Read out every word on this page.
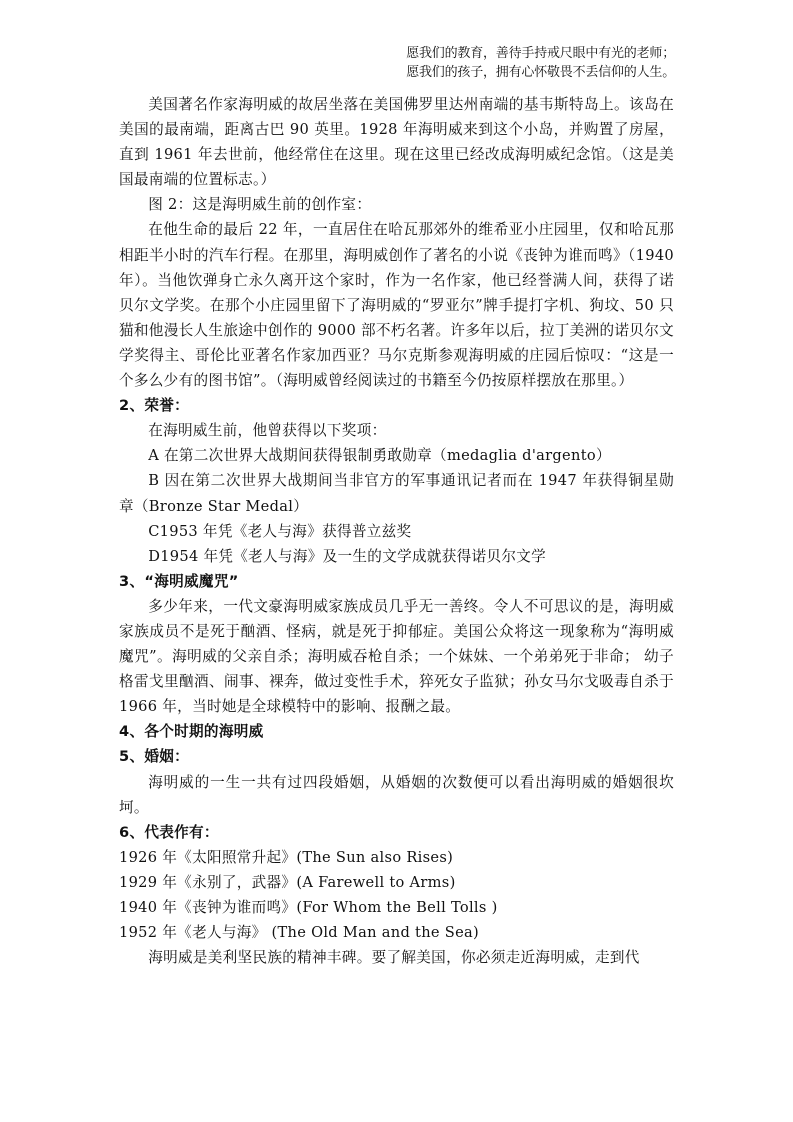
愿我们的教育，善待手持戒尺眼中有光的老师；
愿我们的孩子，拥有心怀敬畏不丢信仰的人生。

美国著名作家海明威的故居坐落在美国佛罗里达州南端的基韦斯特岛上。该岛在美国的最南端，距离古巴 90 英里。1928 年海明威来到这个小岛，并购置了房屋，直到 1961 年去世前，他经常住在这里。现在这里已经改成海明威纪念馆。（这是美国最南端的位置标志。）

图 2：这是海明威生前的创作室：

在他生命的最后 22 年，一直居住在哈瓦那郊外的维希亚小庄园里，仅和哈瓦那相距半小时的汽车行程。在那里，海明威创作了著名的小说《丧钟为谁而鸣》（1940 年）。当他饮弹身亡永久离开这个家时，作为一名作家，他已经誉满人间，获得了诺贝尔文学奖。在那个小庄园里留下了海明威的“罗亚尔”牌手提打字机、狗坟、50 只猫和他漫长人生旅途中创作的 9000 部不朽名著。许多年以后，拉丁美洲的诺贝尔文学奖得主、哥伦比亚著名作家加西亚？马尔克斯参观海明威的庄园后惊叹：“这是一个多么少有的图书馆”。（海明威曾经阅读过的书籍至今仍按原样摆放在那里。）

2、荣誉：

在海明威生前，他曾获得以下奖项：

A 在第二次世界大战期间获得银制勇敢勋章（medaglia d'argento）

B 因在第二次世界大战期间当非官方的军事通讯记者而在 1947 年获得铜星勋章（Bronze Star Medal）

C1953 年凭《老人与海》获得普立兹奖

D1954 年凭《老人与海》及一生的文学成就获得诺贝尔文学

3、“海明威魔咒”

多少年来，一代文豪海明威家族成员几乎无一善终。令人不可思议的是，海明威家族成员不是死于酗酒、怪病，就是死于抑郁症。美国公众将这一现象称为“海明威魔咒”。海明威的父亲自杀；海明威吞枪自杀；一个妹妹、一个弟弟死于非命； 幼子格雷戈里酗酒、闹事、裸奔，做过变性手术，猝死女子监狱；孙女马尔戈吸毒自杀于 1966 年，当时她是全球模特中的影响、报酬之最。

4、各个时期的海明威

5、婚姻：

海明威的一生一共有过四段婚姻，从婚姻的次数便可以看出海明威的婚姻很坎坷。

6、代表作有：

1926 年《太阳照常升起》(The Sun also Rises)

1929 年《永别了，武器》(A Farewell to Arms)

1940 年《丧钟为谁而鸣》(For Whom the Bell Tolls )

1952 年《老人与海》 (The Old Man and the Sea)

海明威是美利坚民族的精神丰碑。要了解美国，你必须走近海明威，走到代
